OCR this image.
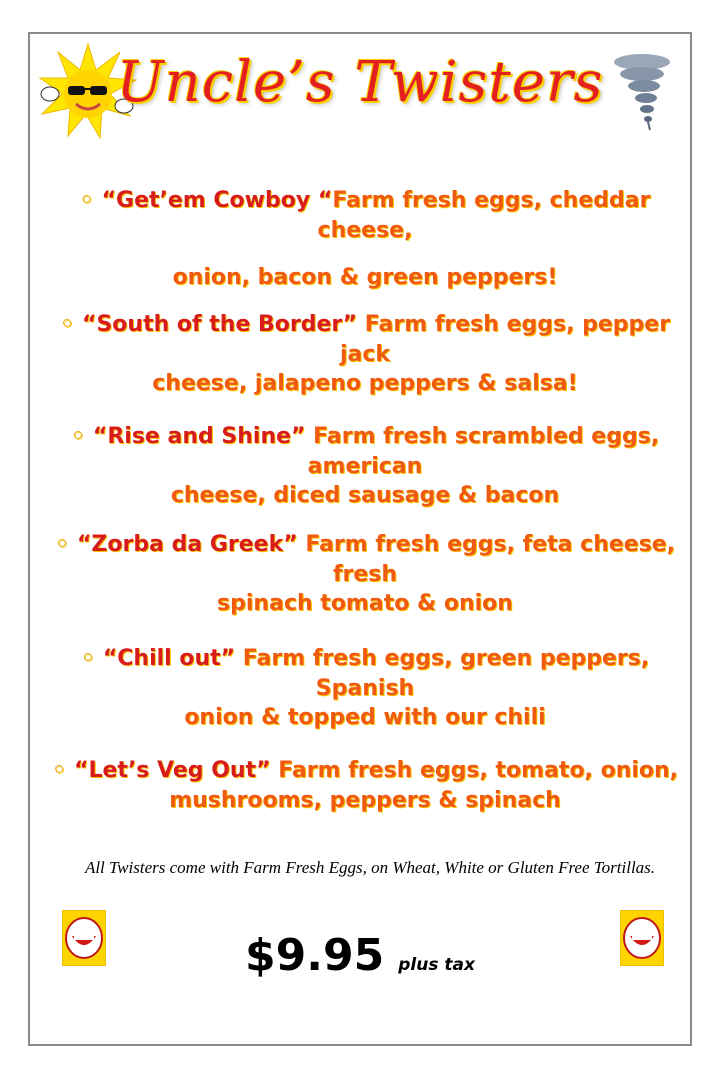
Uncle’s Twisters
◦ “Get’em Cowboy “Farm fresh eggs, cheddar cheese,
onion, bacon & green peppers!
◦ “South of the Border” Farm fresh eggs, pepper jack
cheese, jalapeno peppers & salsa!
◦ “Rise and Shine” Farm fresh scrambled eggs, american
cheese, diced sausage & bacon
◦ “Zorba da Greek” Farm fresh eggs, feta cheese, fresh
spinach tomato & onion
◦ “Chill out” Farm fresh eggs, green peppers, Spanish
onion & topped with our chili
◦ “Let’s Veg Out” Farm fresh eggs, tomato, onion,
mushrooms, peppers & spinach
All Twisters come with Farm Fresh Eggs, on Wheat, White or Gluten Free Tortillas.
$9.95 plus tax
